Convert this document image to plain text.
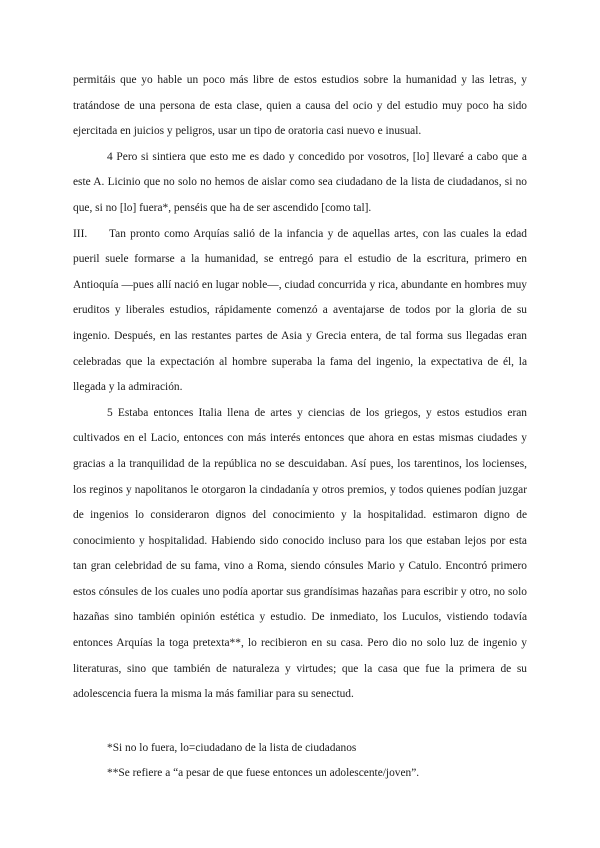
permitáis que yo hable un poco más libre de estos estudios sobre la humanidad y las letras, y tratándose de una persona de esta clase, quien a causa del ocio y del estudio muy poco ha sido ejercitada en juicios y peligros, usar un tipo de oratoria casi nuevo e inusual.

4 Pero si sintiera que esto me es dado y concedido por vosotros, [lo] llevaré a cabo que a este A. Licinio que no solo no hemos de aislar como sea ciudadano de la lista de ciudadanos, si no que, si no [lo] fuera*, penséis que ha de ser ascendido [como tal].

III. Tan pronto como Arquías salió de la infancia y de aquellas artes, con las cuales la edad pueril suele formarse a la humanidad, se entregó para el estudio de la escritura, primero en Antioquía —pues allí nació en lugar noble—, ciudad concurrida y rica, abundante en hombres muy eruditos y liberales estudios, rápidamente comenzó a aventajarse de todos por la gloria de su ingenio. Después, en las restantes partes de Asia y Grecia entera, de tal forma sus llegadas eran celebradas que la expectación al hombre superaba la fama del ingenio, la expectativa de él, la llegada y la admiración.

5 Estaba entonces Italia llena de artes y ciencias de los griegos, y estos estudios eran cultivados en el Lacio, entonces con más interés entonces que ahora en estas mismas ciudades y gracias a la tranquilidad de la república no se descuidaban. Así pues, los tarentinos, los locienses, los reginos y napolitanos le otorgaron la cindadanía y otros premios, y todos quienes podían juzgar de ingenios lo consideraron dignos del conocimiento y la hospitalidad. estimaron digno de conocimiento y hospitalidad. Habiendo sido conocido incluso para los que estaban lejos por esta tan gran celebridad de su fama, vino a Roma, siendo cónsules Mario y Catulo. Encontró primero estos cónsules de los cuales uno podía aportar sus grandísimas hazañas para escribir y otro, no solo hazañas sino también opinión estética y estudio. De inmediato, los Luculos, vistiendo todavía entonces Arquías la toga pretexta**, lo recibieron en su casa. Pero dio no solo luz de ingenio y literaturas, sino que también de naturaleza y virtudes; que la casa que fue la primera de su adolescencia fuera la misma la más familiar para su senectud.

*Si no lo fuera, lo=ciudadano de la lista de ciudadanos

**Se refiere a “a pesar de que fuese entonces un adolescente/joven”.
